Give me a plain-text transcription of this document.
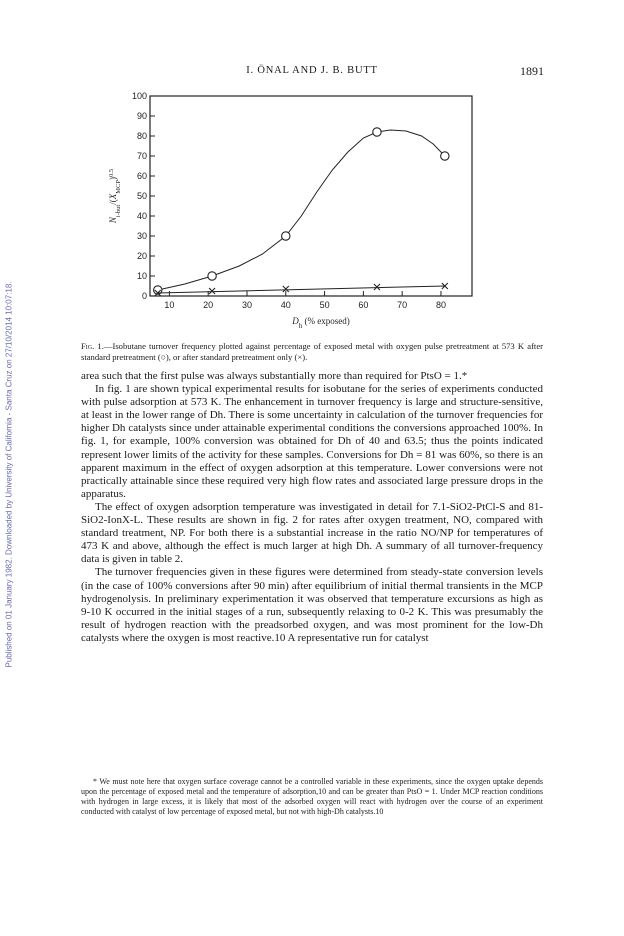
Published on 01 January 1982. Downloaded by University of California - Santa Cruz on 27/10/2014 10:07:18.
I. ÖNAL AND J. B. BUTT	1891
0
10
20
30
40
50
60
70
80
90
100
10	20	30	40	50	60	70	80
$D_h$ (% exposed)
$N_{i-but}/(X_{MCP})^{0.5}$
Fig. 1.—Isobutane turnover frequency plotted against percentage of exposed metal with oxygen pulse pretreatment at 573 K after standard pretreatment (○), or after standard pretreatment only (×).

area such that the first pulse was always substantially more than required for PtsO = 1.*

In fig. 1 are shown typical experimental results for isobutane for the series of experiments conducted with pulse adsorption at 573 K. The enhancement in turnover frequency is large and structure-sensitive, at least in the lower range of Dh. There is some uncertainty in calculation of the turnover frequencies for higher Dh catalysts since under attainable experimental conditions the conversions approached 100%. In fig. 1, for example, 100% conversion was obtained for Dh of 40 and 63.5; thus the points indicated represent lower limits of the activity for these samples. Conversions for Dh = 81 was 60%, so there is an apparent maximum in the effect of oxygen adsorption at this temperature. Lower conversions were not practically attainable since these required very high flow rates and associated large pressure drops in the apparatus.

The effect of oxygen adsorption temperature was investigated in detail for 7.1-SiO2-PtCl-S and 81-SiO2-IonX-L. These results are shown in fig. 2 for rates after oxygen treatment, NO, compared with standard treatment, NP. For both there is a substantial increase in the ratio NO/NP for temperatures of 473 K and above, although the effect is much larger at high Dh. A summary of all turnover-frequency data is given in table 2.

The turnover frequencies given in these figures were determined from steady-state conversion levels (in the case of 100% conversions after 90 min) after equilibrium of initial thermal transients in the MCP hydrogenolysis. In preliminary experimentation it was observed that temperature excursions as high as 9-10 K occurred in the initial stages of a run, subsequently relaxing to 0-2 K. This was presumably the result of hydrogen reaction with the preadsorbed oxygen, and was most prominent for the low-Dh catalysts where the oxygen is most reactive.10 A representative run for catalyst

* We must note here that oxygen surface coverage cannot be a controlled variable in these experiments, since the oxygen uptake depends upon the percentage of exposed metal and the temperature of adsorption,10 and can be greater than PtsO = 1. Under MCP reaction conditions with hydrogen in large excess, it is likely that most of the adsorbed oxygen will react with hydrogen over the course of an experiment conducted with catalyst of low percentage of exposed metal, but not with high-Dh catalysts.10
